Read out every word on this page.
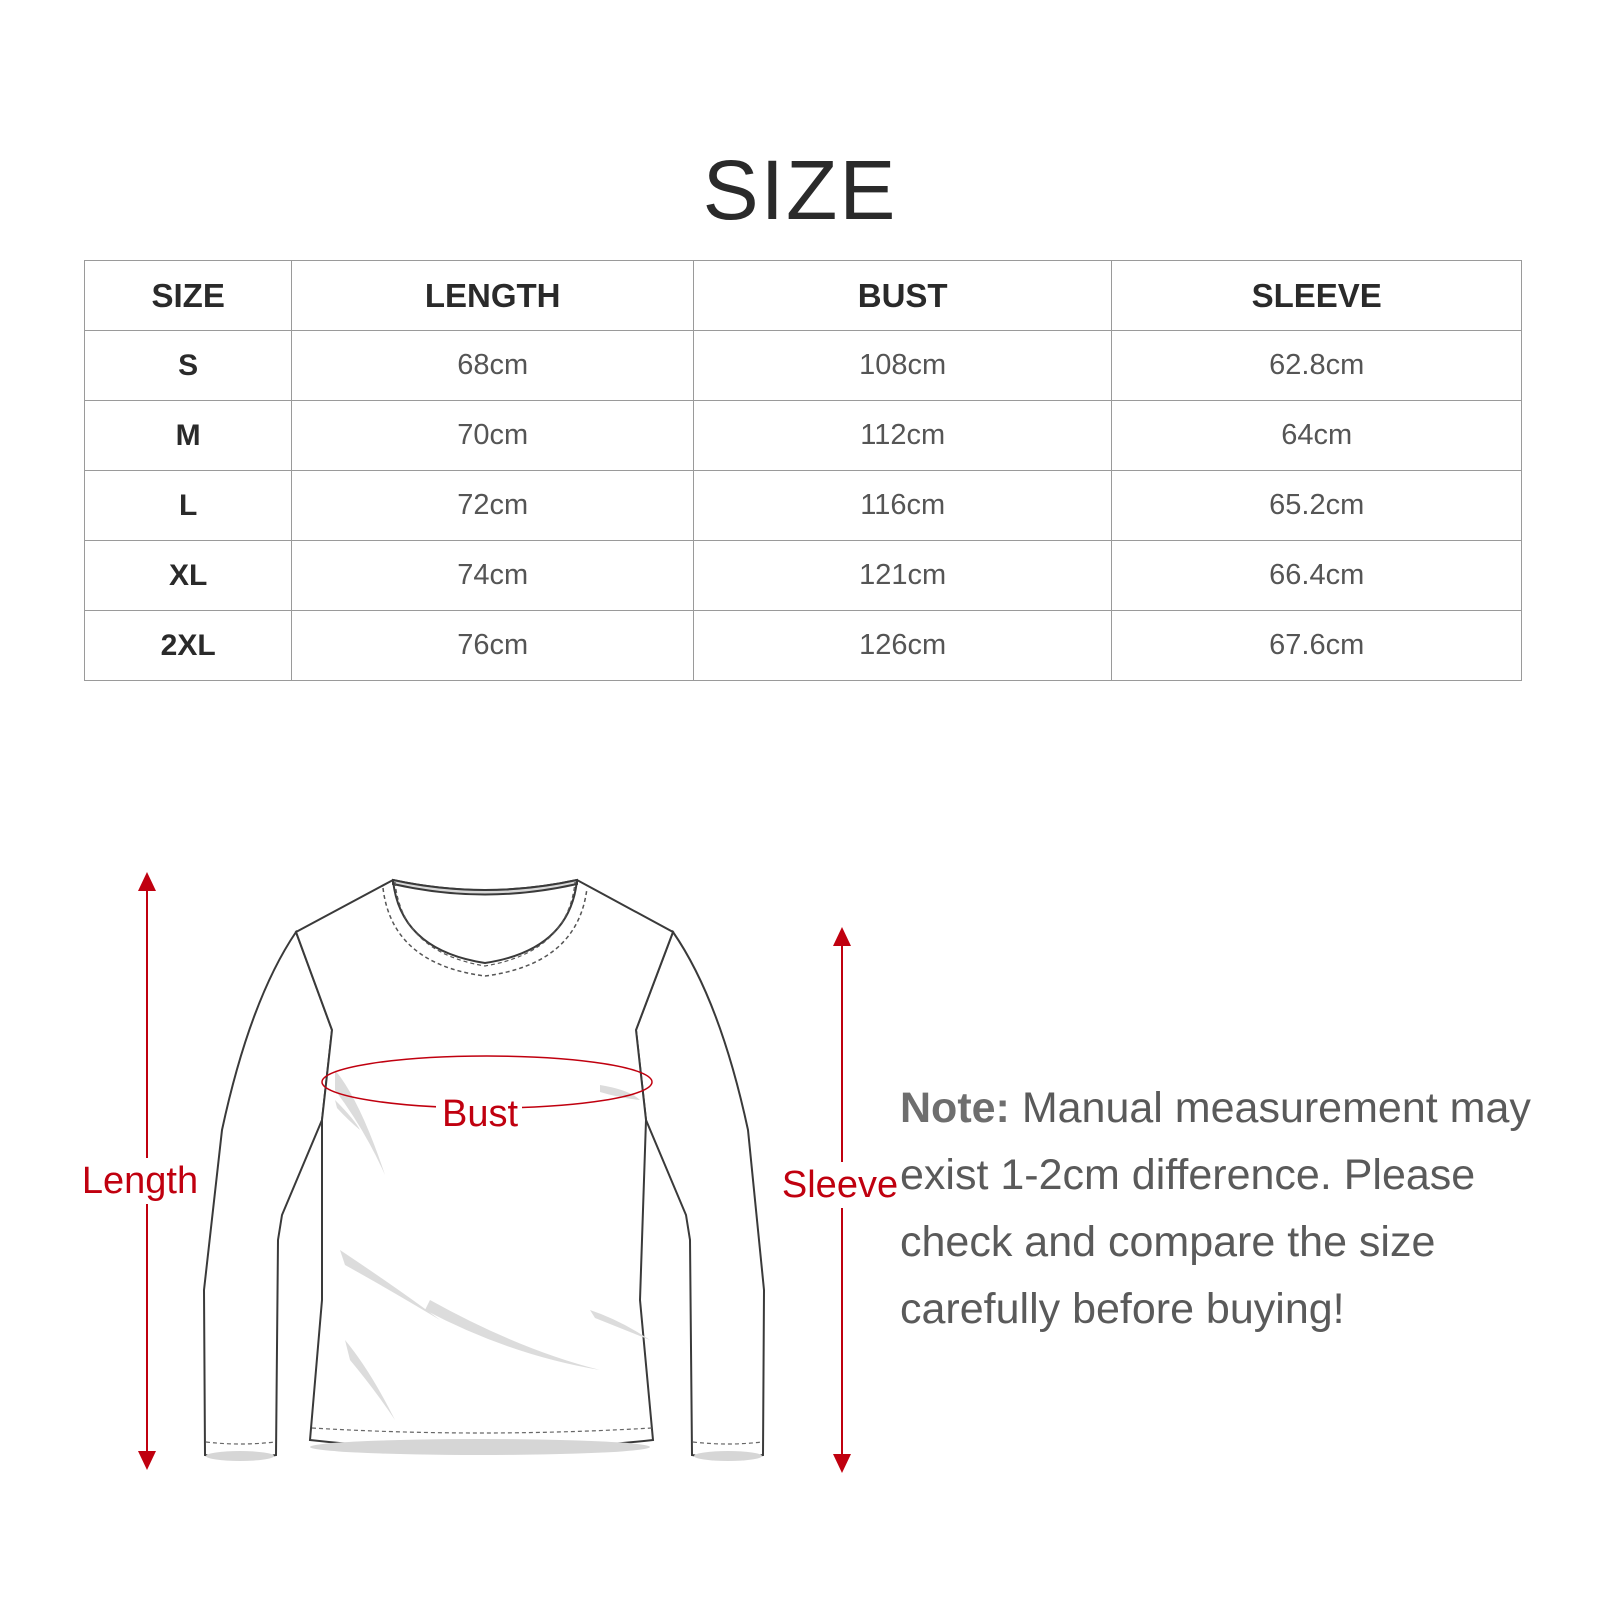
SIZE
SIZE	LENGTH	BUST	SLEEVE
S	68cm	108cm	62.8cm
M	70cm	112cm	64cm
L	72cm	116cm	65.2cm
XL	74cm	121cm	66.4cm
2XL	76cm	126cm	67.6cm
Length	Sleeve
Bust	Note: Manual measurement may exist 1-2cm difference. Please check and compare the size carefully before buying!
